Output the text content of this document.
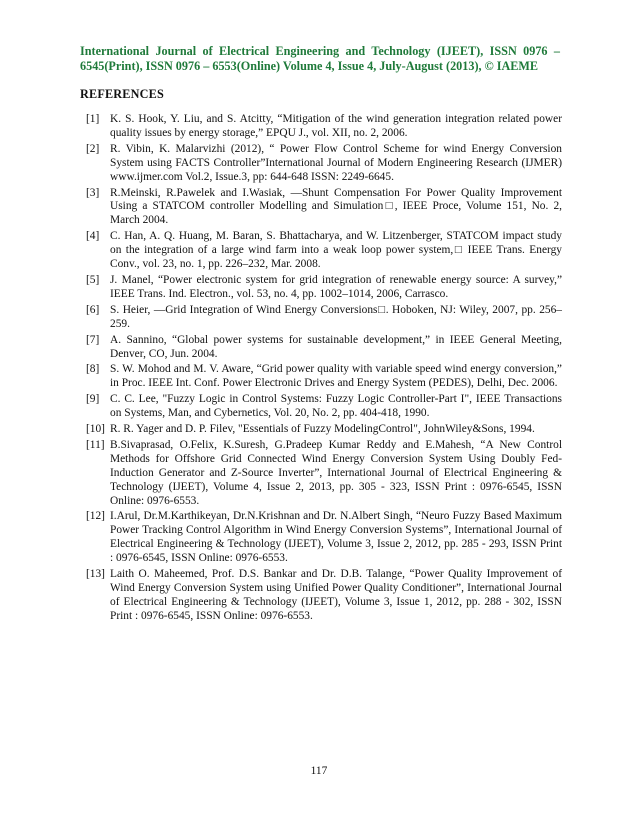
International Journal of Electrical Engineering and Technology (IJEET), ISSN 0976 – 6545(Print), ISSN 0976 – 6553(Online) Volume 4, Issue 4, July-August (2013), © IAEME
REFERENCES
[1] K. S. Hook, Y. Liu, and S. Atcitty, “Mitigation of the wind generation integration related power quality issues by energy storage,” EPQU J., vol. XII, no. 2, 2006.
[2] R. Vibin, K. Malarvizhi (2012), “ Power Flow Control Scheme for wind Energy Conversion System using FACTS Controller”International Journal of Modern Engineering Research (IJMER) www.ijmer.com Vol.2, Issue.3, pp: 644-648 ISSN: 2249-6645.
[3] R.Meinski, R.Pawelek and I.Wasiak, ―Shunt Compensation For Power Quality Improvement Using a STATCOM controller Modelling and Simulation□, IEEE Proce, Volume 151, No. 2, March 2004.
[4] C. Han, A. Q. Huang, M. Baran, S. Bhattacharya, and W. Litzenberger, STATCOM impact study on the integration of a large wind farm into a weak loop power system,□ IEEE Trans. Energy Conv., vol. 23, no. 1, pp. 226–232, Mar. 2008.
[5] J. Manel, “Power electronic system for grid integration of renewable energy source: A survey,” IEEE Trans. Ind. Electron., vol. 53, no. 4, pp. 1002–1014, 2006, Carrasco.
[6] S. Heier, ―Grid Integration of Wind Energy Conversions□. Hoboken, NJ: Wiley, 2007, pp. 256–259.
[7] A. Sannino, “Global power systems for sustainable development,” in IEEE General Meeting, Denver, CO, Jun. 2004.
[8] S. W. Mohod and M. V. Aware, “Grid power quality with variable speed wind energy conversion,” in Proc. IEEE Int. Conf. Power Electronic Drives and Energy System (PEDES), Delhi, Dec. 2006.
[9] C. C. Lee, "Fuzzy Logic in Control Systems: Fuzzy Logic Controller-Part I", IEEE Transactions on Systems, Man, and Cybernetics, Vol. 20, No. 2, pp. 404-418, 1990.
[10] R. R. Yager and D. P. Filev, "Essentials of Fuzzy ModelingControl", JohnWiley&Sons, 1994.
[11] B.Sivaprasad, O.Felix, K.Suresh, G.Pradeep Kumar Reddy and E.Mahesh, “A New Control Methods for Offshore Grid Connected Wind Energy Conversion System Using Doubly Fed-Induction Generator and Z-Source Inverter”, International Journal of Electrical Engineering & Technology (IJEET), Volume 4, Issue 2, 2013, pp. 305 - 323, ISSN Print : 0976-6545, ISSN Online: 0976-6553.
[12] I.Arul, Dr.M.Karthikeyan, Dr.N.Krishnan and Dr. N.Albert Singh, “Neuro Fuzzy Based Maximum Power Tracking Control Algorithm in Wind Energy Conversion Systems”, International Journal of Electrical Engineering & Technology (IJEET), Volume 3, Issue 2, 2012, pp. 285 - 293, ISSN Print : 0976-6545, ISSN Online: 0976-6553.
[13] Laith O. Maheemed, Prof. D.S. Bankar and Dr. D.B. Talange, “Power Quality Improvement of Wind Energy Conversion System using Unified Power Quality Conditioner”, International Journal of Electrical Engineering & Technology (IJEET), Volume 3, Issue 1, 2012, pp. 288 - 302, ISSN Print : 0976-6545, ISSN Online: 0976-6553.
117
